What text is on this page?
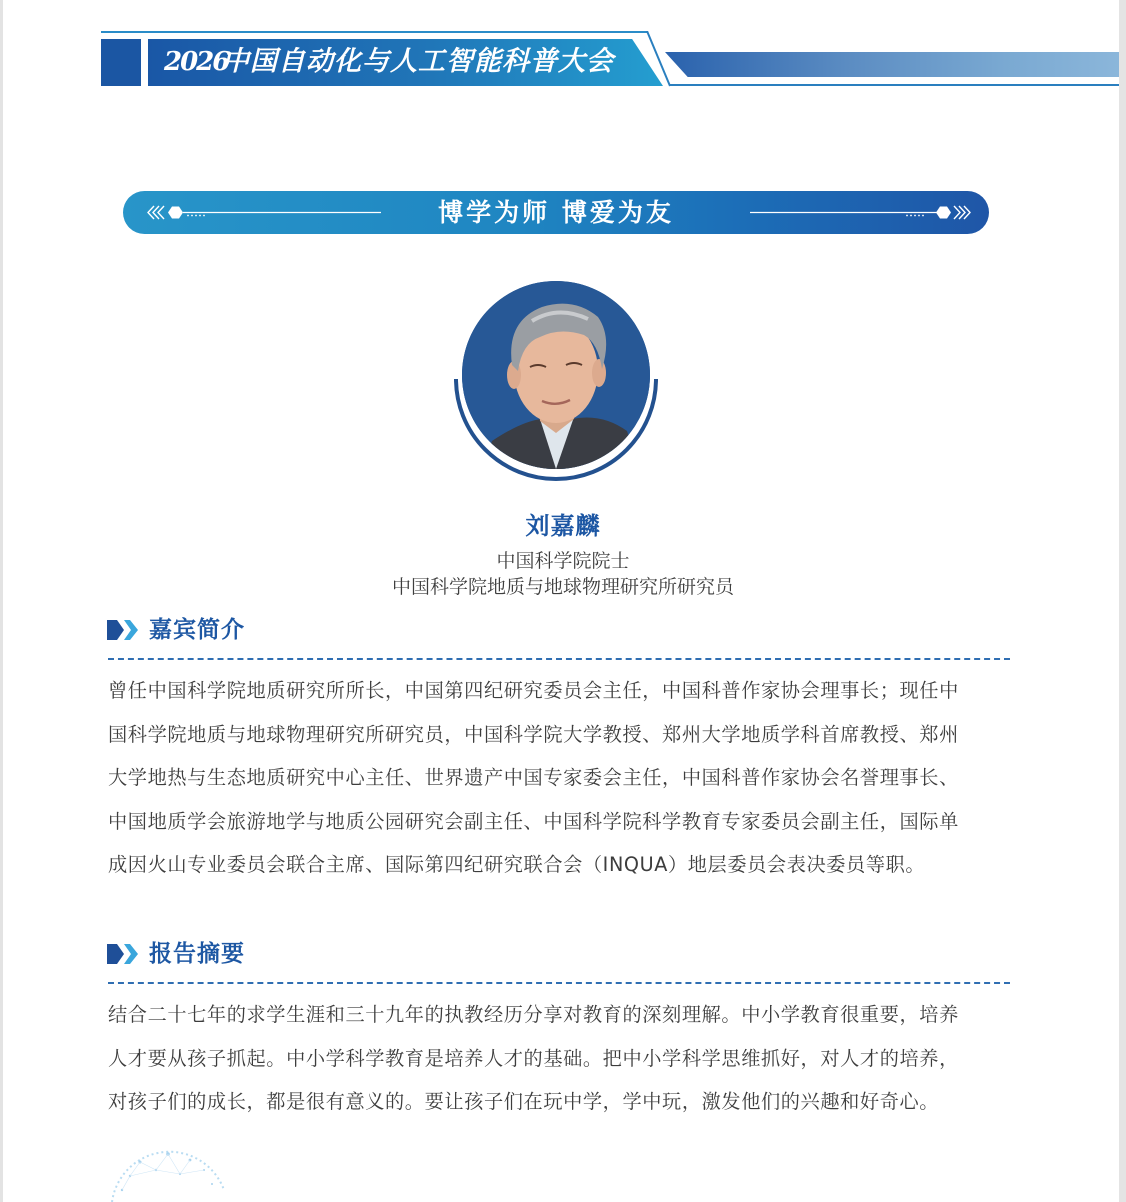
2026
中国自动化与人工智能科普大会
博学为师 博爱为友
刘嘉麟
中国科学院院士
中国科学院地质与地球物理研究所研究员
嘉宾简介
曾任中国科学院地质研究所所长，中国第四纪研究委员会主任，中国科普作家协会理事长；现任中
国科学院地质与地球物理研究所研究员，中国科学院大学教授、郑州大学地质学科首席教授、郑州
大学地热与生态地质研究中心主任、世界遗产中国专家委会主任，中国科普作家协会名誉理事长、
中国地质学会旅游地学与地质公园研究会副主任、中国科学院科学教育专家委员会副主任，国际单
成因火山专业委员会联合主席、国际第四纪研究联合会（INQUA）地层委员会表决委员等职。
报告摘要
结合二十七年的求学生涯和三十九年的执教经历分享对教育的深刻理解。中小学教育很重要，培养
人才要从孩子抓起。中小学科学教育是培养人才的基础。把中小学科学思维抓好，对人才的培养，
对孩子们的成长，都是很有意义的。要让孩子们在玩中学，学中玩，激发他们的兴趣和好奇心。
